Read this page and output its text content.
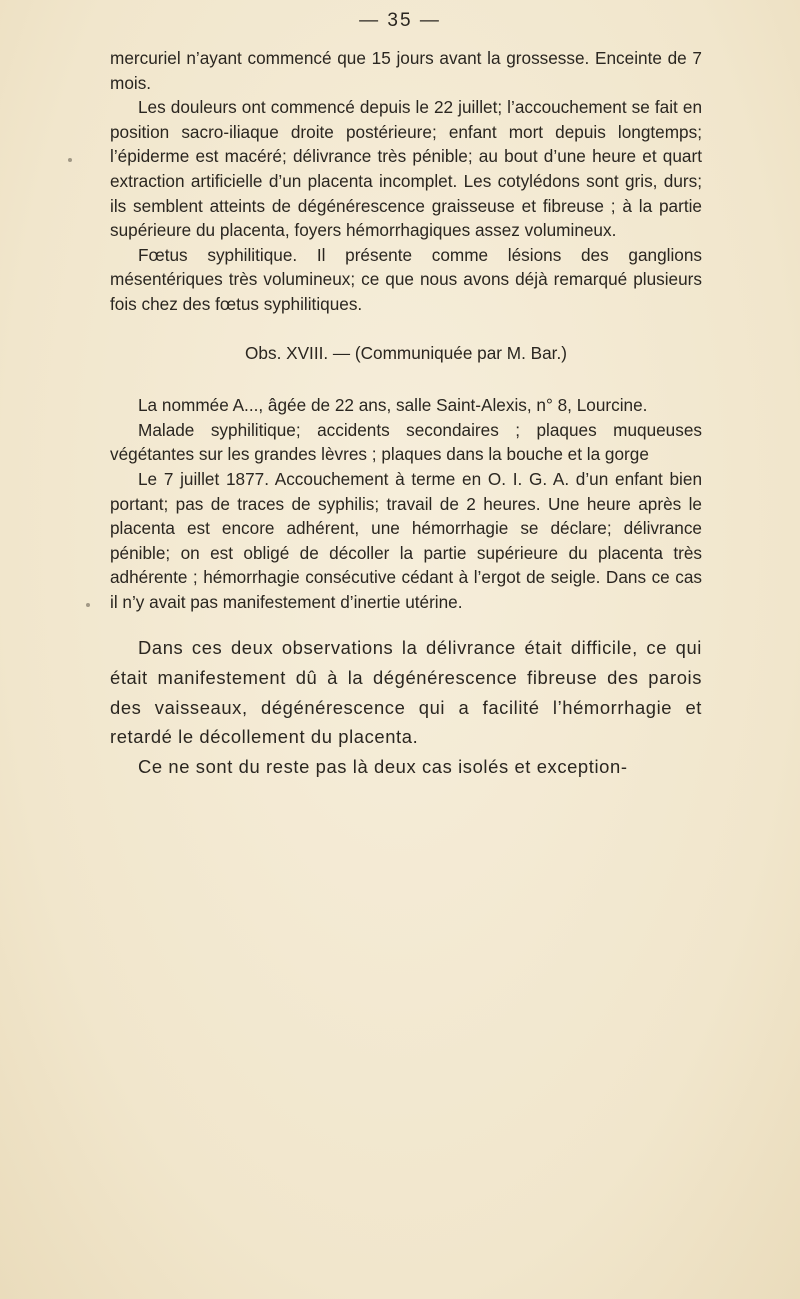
— 35 —

mercuriel n’ayant commencé que 15 jours avant la grossesse. Enceinte de 7 mois.

Les douleurs ont commencé depuis le 22 juillet; l’accouchement se fait en position sacro-iliaque droite postérieure; enfant mort depuis longtemps; l’épiderme est macéré; délivrance très pénible; au bout d’une heure et quart extraction artificielle d’un placenta incomplet. Les cotylédons sont gris, durs; ils semblent atteints de dégénérescence graisseuse et fibreuse ; à la partie supérieure du placenta, foyers hémorrhagiques assez volumineux.

Fœtus syphilitique. Il présente comme lésions des ganglions mésentériques très volumineux; ce que nous avons déjà remarqué plusieurs fois chez des fœtus syphilitiques.

Obs. XVIII. — (Communiquée par M. Bar.)

La nommée A..., âgée de 22 ans, salle Saint-Alexis, n° 8, Lourcine.

Malade syphilitique; accidents secondaires ; plaques muqueuses végétantes sur les grandes lèvres ; plaques dans la bouche et la gorge

Le 7 juillet 1877. Accouchement à terme en O. I. G. A. d’un enfant bien portant; pas de traces de syphilis; travail de 2 heures. Une heure après le placenta est encore adhérent, une hémorrhagie se déclare; délivrance pénible; on est obligé de décoller la partie supérieure du placenta très adhérente ; hémorrhagie consécutive cédant à l’ergot de seigle. Dans ce cas il n’y avait pas manifestement d’inertie utérine.

Dans ces deux observations la délivrance était difficile, ce qui était manifestement dû à la dégénérescence fibreuse des parois des vaisseaux, dégénérescence qui a facilité l’hémorrhagie et retardé le décollement du placenta.

Ce ne sont du reste pas là deux cas isolés et exception-
